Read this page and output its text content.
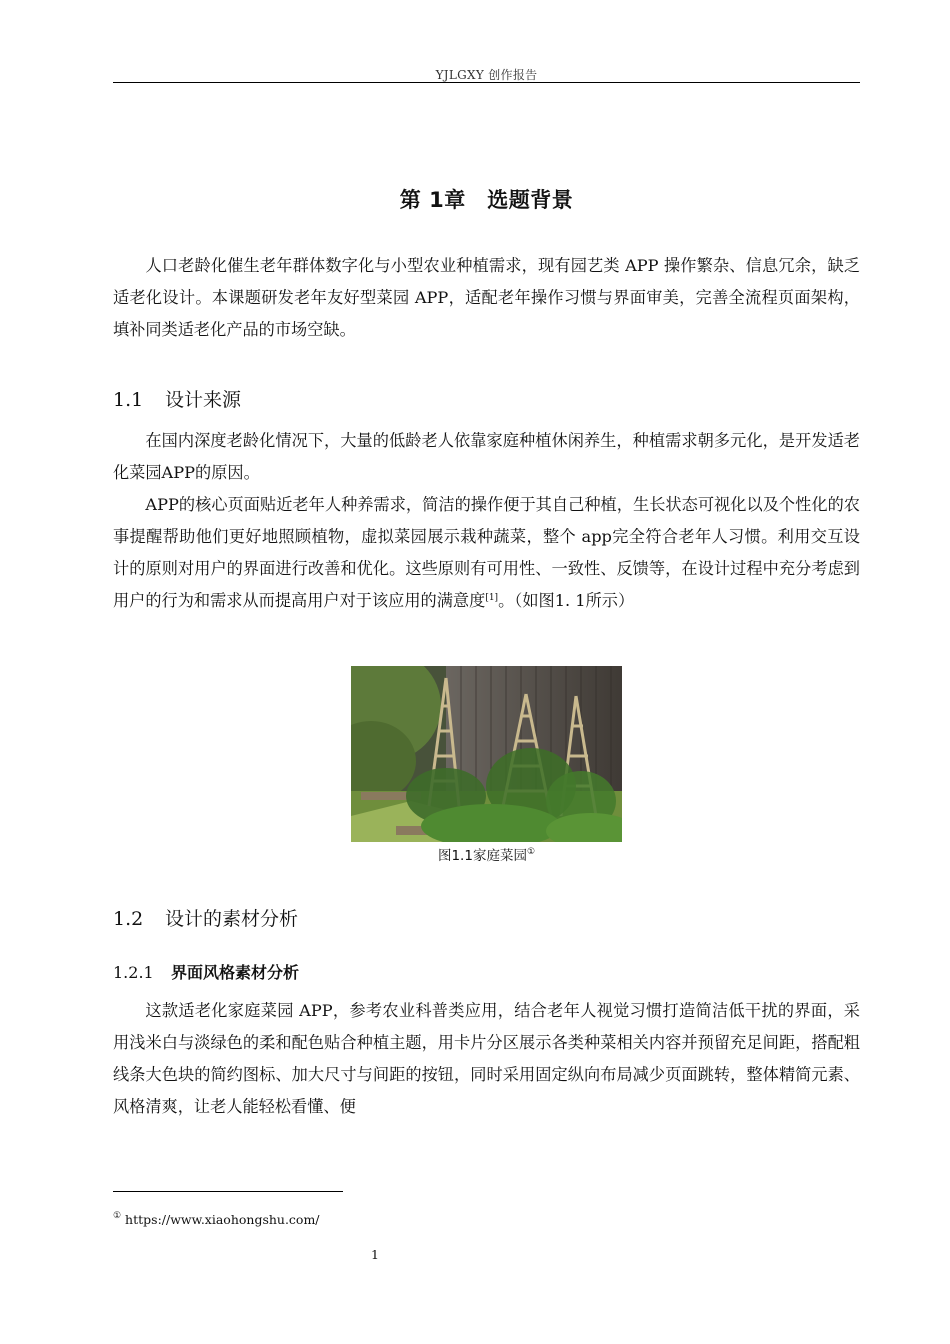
YJLGXY 创作报告
第 1章　选题背景

人口老龄化催生老年群体数字化与小型农业种植需求，现有园艺类 APP 操作繁杂、信息冗余，缺乏适老化设计。本课题研发老年友好型菜园 APP，适配老年操作习惯与界面审美，完善全流程页面架构，填补同类适老化产品的市场空缺。

1.1 设计来源

在国内深度老龄化情况下，大量的低龄老人依靠家庭种植休闲养生，种植需求朝多元化，是开发适老化菜园APP的原因。

APP的核心页面贴近老年人种养需求，简洁的操作便于其自己种植，生长状态可视化以及个性化的农事提醒帮助他们更好地照顾植物，虚拟菜园展示栽种蔬菜，整个 app完全符合老年人习惯。利用交互设计的原则对用户的界面进行改善和优化。这些原则有可用性、一致性、反馈等，在设计过程中充分考虑到用户的行为和需求从而提高用户对于该应用的满意度[1]。（如图1. 1所示）

图1.1家庭菜园①
1.2 设计的素材分析
1.2.1 界面风格素材分析

这款适老化家庭菜园 APP，参考农业科普类应用，结合老年人视觉习惯打造简洁低干扰的界面，采用浅米白与淡绿色的柔和配色贴合种植主题，用卡片分区展示各类种菜相关内容并预留充足间距，搭配粗线条大色块的简约图标、加大尺寸与间距的按钮，同时采用固定纵向布局减少页面跳转，整体精简元素、风格清爽，让老人能轻松看懂、便

① https://www.xiaohongshu.com/
1
